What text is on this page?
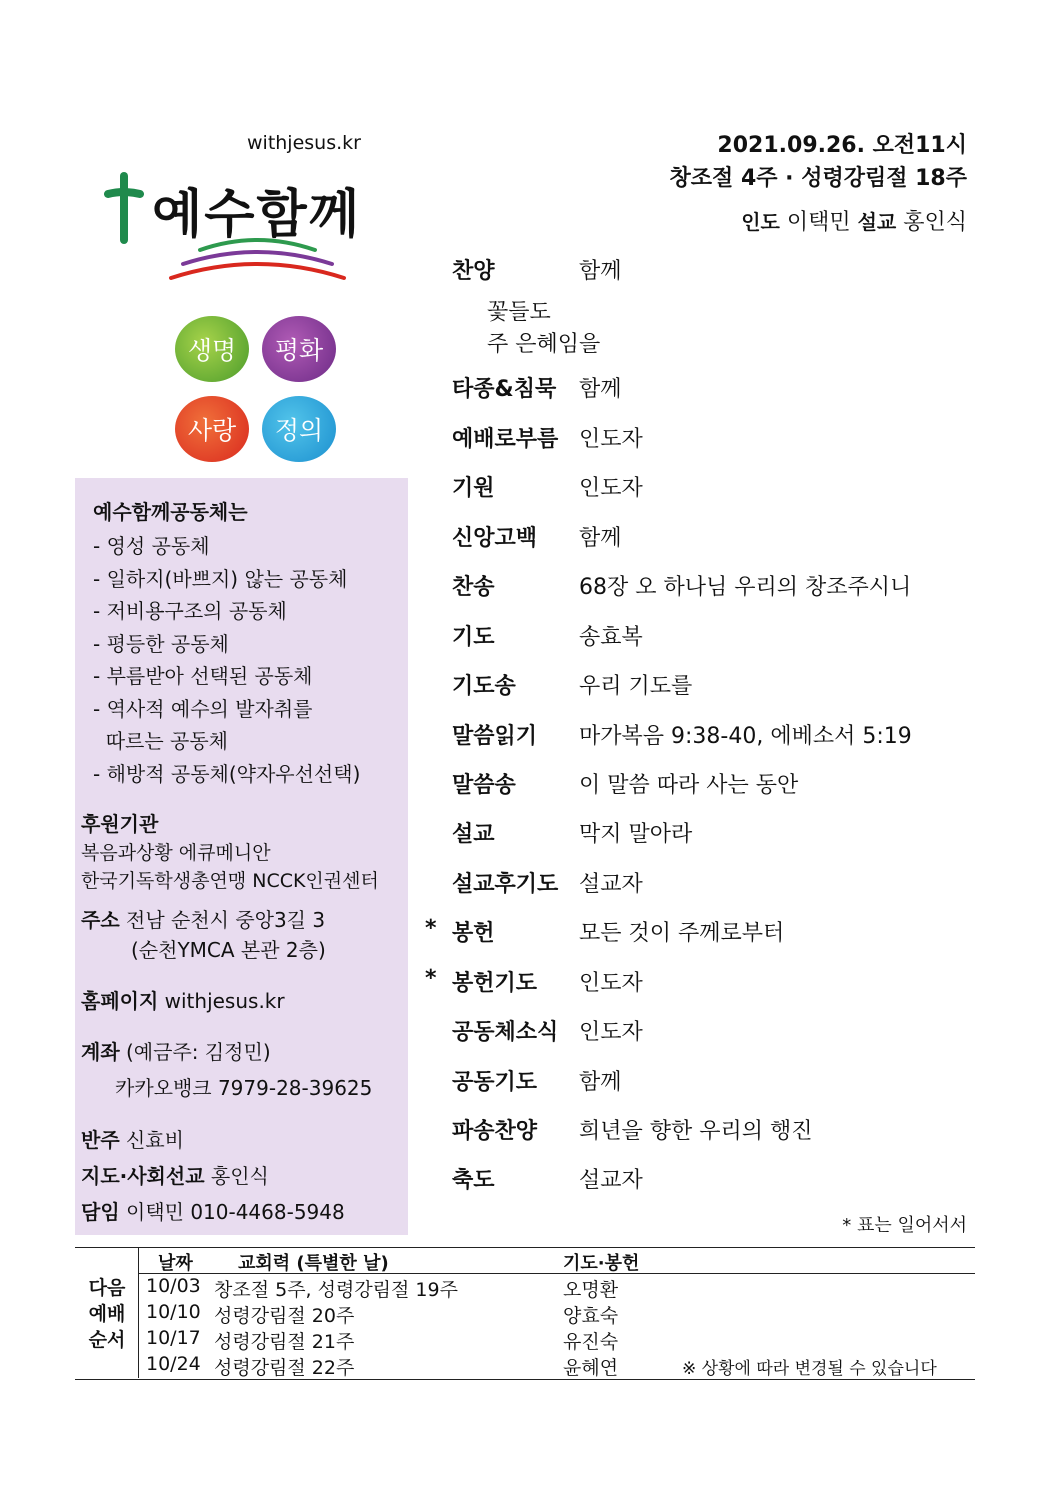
withjesus.kr
예수함께
생명	평화
사랑	정의
예수함께공동체는
- 영성 공동체
- 일하지(바쁘지) 않는 공동체
- 저비용구조의 공동체
- 평등한 공동체
- 부름받아 선택된 공동체
- 역사적 예수의 발자취를
따르는 공동체
- 해방적 공동체(약자우선선택)
후원기관
복음과상황 에큐메니안
한국기독학생총연맹 NCCK인권센터
주소 전남 순천시 중앙3길 3
(순천YMCA 본관 2층)
홈페이지 withjesus.kr
계좌 (예금주: 김정민)
카카오뱅크 7979-28-39625
반주 신효비
지도·사회선교 홍인식
담임 이택민 010-4468-5948
2021.09.26. 오전11시
창조절 4주 · 성령강림절 18주
인도 이택민 설교 홍인식
찬양	함께
타종&침묵 함께
예배로부름 인도자
기원	인도자
신앙고백 함께
찬송	68장 오 하나님 우리의 창조주시니
기도	송효복
기도송	우리 기도를
말씀읽기 마가복음 9:38-40, 에베소서 5:19
말씀송	이 말씀 따라 사는 동안
설교	막지 말아라
설교후기도 설교자
* 봉헌	모든 것이 주께로부터
* 봉헌기도 인도자
공동체소식 인도자
공동기도 함께
파송찬양 희년을 향한 우리의 행진
축도	설교자
꽃들도
주 은혜임을
* 표는 일어서서
날짜	교회력 (특별한 날)	기도·봉헌
다음
예배
순서
10/03 창조절 5주, 성령강림절 19주	오명환
10/10 성령강림절 20주	양효숙
10/17 성령강림절 21주	유진숙
10/24 성령강림절 22주	윤혜연	※ 상황에 따라 변경될 수 있습니다
